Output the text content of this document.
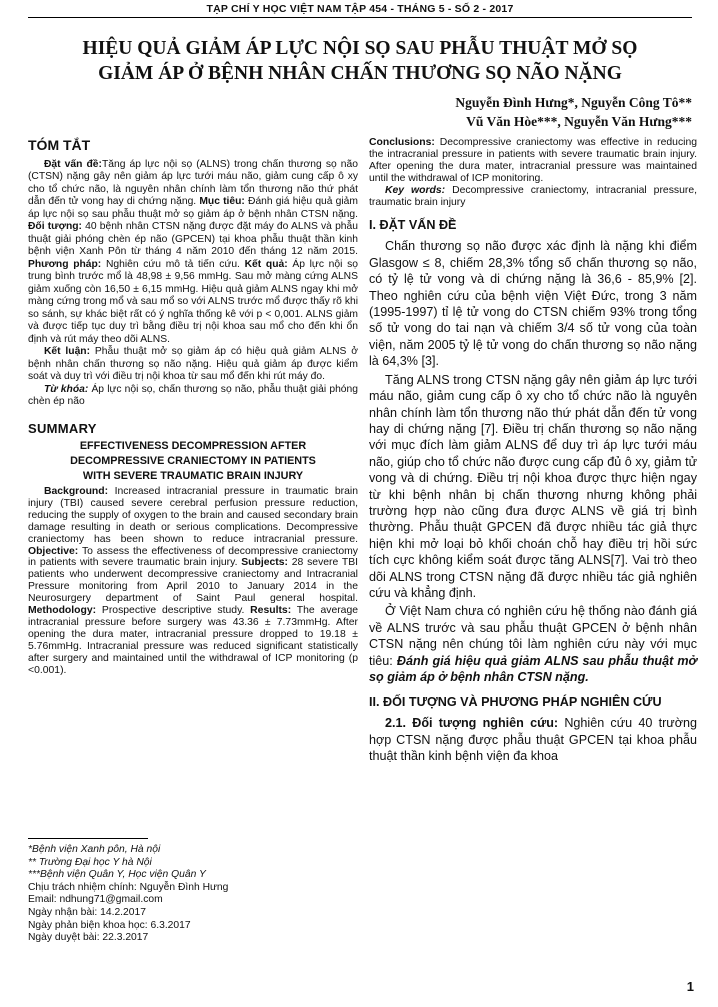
TẠP CHÍ Y HỌC VIỆT NAM TẬP 454 - THÁNG 5 - SỐ 2 - 2017
HIỆU QUẢ GIẢM ÁP LỰC NỘI SỌ SAU PHẪU THUẬT MỞ SỌ
GIẢM ÁP Ở BỆNH NHÂN CHẤN THƯƠNG SỌ NÃO NẶNG
Nguyễn Đình Hưng*, Nguyễn Công Tô**
Vũ Văn Hòe***, Nguyễn Văn Hưng***
TÓM TẮT

Đặt vấn đề:Tăng áp lực nội sọ (ALNS) trong chấn thương sọ não (CTSN) nặng gây nên giảm áp lực tưới máu não, giảm cung cấp ô xy cho tổ chức não, là nguyên nhân chính làm tổn thương não thứ phát dẫn đến tử vong hay di chứng nặng. Mục tiêu: Đánh giá hiệu quả giảm áp lực nội sọ sau phẫu thuật mở sọ giảm áp ở bệnh nhân CTSN nặng. Đối tượng: 40 bệnh nhân CTSN nặng được đặt máy đo ALNS và phẫu thuật giải phóng chèn ép não (GPCEN) tại khoa phẫu thuật thần kinh bệnh viện Xanh Pôn từ tháng 4 năm 2010 đến tháng 12 năm 2015. Phương pháp: Nghiên cứu mô tả tiến cứu. Kết quả: Áp lực nội sọ trung bình trước mổ là 48,98 ± 9,56 mmHg. Sau mở màng cứng ALNS giảm xuống còn 16,50 ± 6,15 mmHg. Hiệu quả giảm ALNS ngay khi mở màng cứng trong mổ và sau mổ so với ALNS trước mổ được thấy rõ khi so sánh, sự khác biệt rất có ý nghĩa thống kê với p < 0,001. ALNS giảm và được tiếp tục duy trì bằng điều trị nội khoa sau mổ cho đến khi ổn định và rút máy theo dõi ALNS.

Kết luận: Phẫu thuật mở sọ giảm áp có hiệu quả giảm ALNS ở bệnh nhân chấn thương sọ não nặng. Hiệu quả giảm áp được kiểm soát và duy trì với điều trị nội khoa từ sau mổ đến khi rút máy đo.

Từ khóa: Áp lực nội sọ, chấn thương sọ não, phẫu thuật giải phóng chèn ép não

SUMMARY
EFFECTIVENESS DECOMPRESSION AFTER
DECOMPRESSIVE CRANIECTOMY IN PATIENTS
WITH SEVERE TRAUMATIC BRAIN INJURY

Background: Increased intracranial pressure in traumatic brain injury (TBI) caused severe cerebral perfusion pressure reduction, reducing the supply of oxygen to the brain and caused secondary brain damage resulting in death or serious complications. Decompressive craniectomy has been shown to reduce intracranial pressure. Objective: To assess the effectiveness of decompressive craniectomy in patients with severe traumatic brain injury. Subjects: 28 severe TBI patients who underwent decompressive craniectomy and Intracranial Pressure monitoring from April 2010 to January 2014 in the Neurosurgery department of Saint Paul general hospital. Methodology: Prospective descriptive study. Results: The average intracranial pressure before surgery was 43.36 ± 7.73mmHg. After opening the dura mater, intracranial pressure dropped to 19.18 ± 5.76mmHg. Intracranial pressure was reduced significant statistically after surgery and maintained until the withdrawal of ICP monitoring (p <0.001).

*Bệnh viện Xanh pôn, Hà nội
** Trường Đại học Y hà Nội
***Bệnh viện Quân Y, Học viện Quân Y
Chịu trách nhiệm chính: Nguyễn Đình Hưng
Email: ndhung71@gmail.com
Ngày nhận bài: 14.2.2017
Ngày phản biện khoa học: 6.3.2017
Ngày duyệt bài: 22.3.2017

Conclusions: Decompressive craniectomy was effective in reducing the intracranial pressure in patients with severe traumatic brain injury. After opening the dura mater, intracranial pressure was maintained until the withdrawal of ICP monitoring.

Key words: Decompressive craniectomy, intracranial pressure, traumatic brain injury

I. ĐẶT VẤN ĐỀ

Chấn thương sọ não được xác định là nặng khi điểm Glasgow ≤ 8, chiếm 28,3% tổng số chấn thương sọ não, có tỷ lệ tử vong và di chứng nặng là 36,6 - 85,9% [2]. Theo nghiên cứu của bệnh viện Việt Đức, trong 3 năm (1995-1997) tỉ lệ tử vong do CTSN chiếm 93% trong tổng số tử vong do tai nạn và chiếm 3/4 số tử vong của toàn viện, năm 2005 tỷ lệ tử vong do chấn thương sọ não nặng là 64,3% [3].

Tăng ALNS trong CTSN nặng gây nên giảm áp lực tưới máu não, giảm cung cấp ô xy cho tổ chức não là nguyên nhân chính làm tổn thương não thứ phát dẫn đến tử vong hay di chứng nặng [7]. Điều trị chấn thương sọ não nặng với mục đích làm giảm ALNS để duy trì áp lực tưới máu não, giúp cho tổ chức não được cung cấp đủ ô xy, giảm tử vong và di chứng. Điều trị nội khoa được thực hiện ngay từ khi bệnh nhân bị chấn thương nhưng không phải trường hợp nào cũng đưa được ALNS về giá trị bình thường. Phẫu thuật GPCEN đã được nhiều tác giả thực hiện khi mở loại bỏ khối choán chỗ hay điều trị hồi sức tích cực không kiểm soát được tăng ALNS[7]. Vai trò theo dõi ALNS trong CTSN nặng đã được nhiều tác giả nghiên cứu và khẳng định.

Ở Việt Nam chưa có nghiên cứu hệ thống nào đánh giá về ALNS trước và sau phẫu thuật GPCEN ở bệnh nhân CTSN nặng nên chúng tôi làm nghiên cứu này với mục tiêu: Đánh giá hiệu quả giảm ALNS sau phẫu thuật mở sọ giảm áp ở bệnh nhân CTSN nặng.

II. ĐỐI TƯỢNG VÀ PHƯƠNG PHÁP NGHIÊN CỨU

2.1. Đối tượng nghiên cứu: Nghiên cứu 40 trường hợp CTSN nặng được phẫu thuật GPCEN tại khoa phẫu thuật thần kinh bệnh viện đa khoa

1
